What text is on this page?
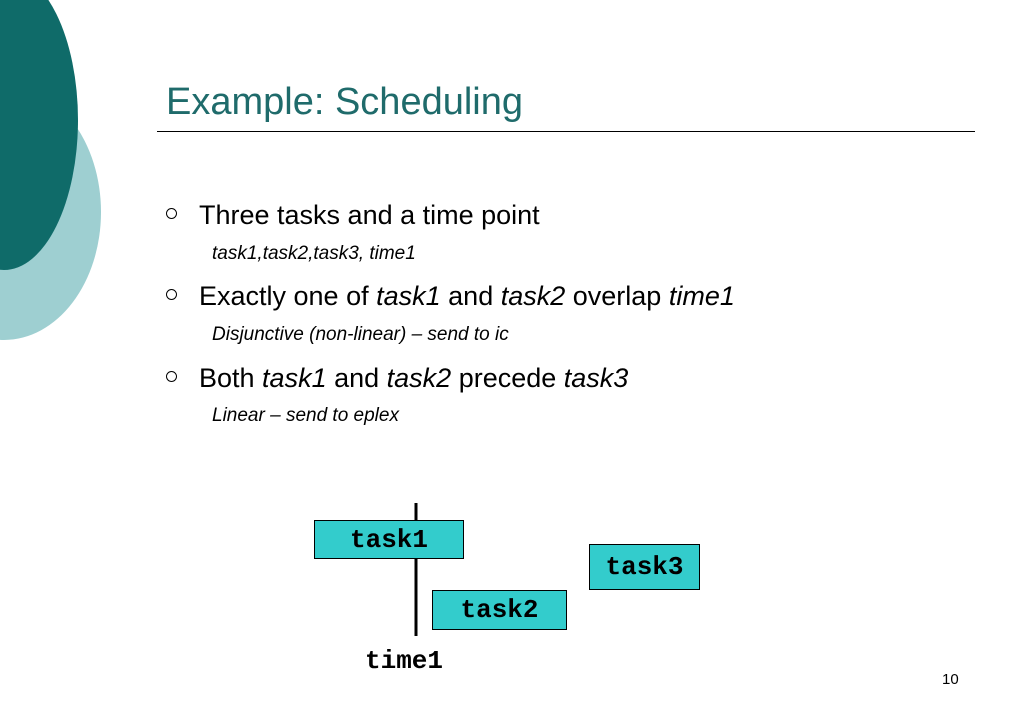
Example: Scheduling
Three tasks and a time point
task1,task2,task3, time1
Exactly one of task1 and task2 overlap time1
Disjunctive (non-linear) – send to ic
Both task1 and task2 precede task3
Linear – send to eplex
task1
task2
task3
time1
10
